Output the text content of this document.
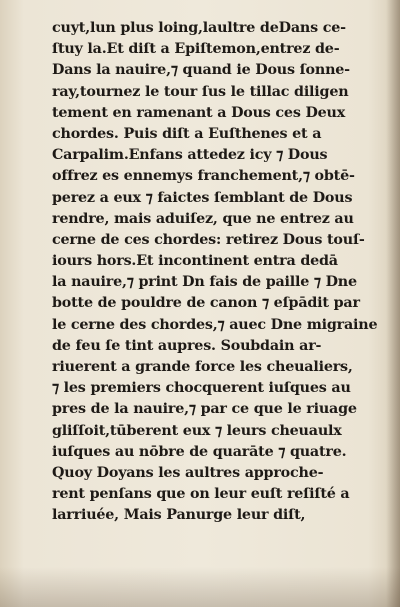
cuyt,lun plus loing,laultre deDans ce-
ſtuy la.Et diſt a Epiſtemon,entrez de-
Dans la nauire,⁊ quand ie Dous ſonne-
ray,tournez le tour ſus le tillac diligen
tement en ramenant a Dous ces Deux
chordes. Puis diſt a Euſthenes et a
Carpalim.Enfans attedez icy ⁊ Dous
offrez es ennemys franchement,⁊ obtē-
perez a eux ⁊ faictes ſemblant de Dous
rendre, mais aduiſez, que ne entrez au
cerne de ces chordes: retirez Dous touſ-
iours hors.Et incontinent entra dedā
la nauire,⁊ print Dn fais de paille ⁊ Dne
botte de pouldre de canon ⁊ eſpādit par
le cerne des chordes,⁊ auec Dne migraine
de feu ſe tint aupres. Soubdain ar-
riuerent a grande force les cheualiers,
⁊ les premiers chocquerent iuſques au
pres de la nauire,⁊ par ce que le riuage
gliſſoit,tūberent eux ⁊ leurs cheuaulx
iuſques au nōbre de quarāte ⁊ quatre.
Quoy Doyans les aultres approche-
rent penſans que on leur euſt reſiſté a
larriuée, Mais Panurge leur diſt,
